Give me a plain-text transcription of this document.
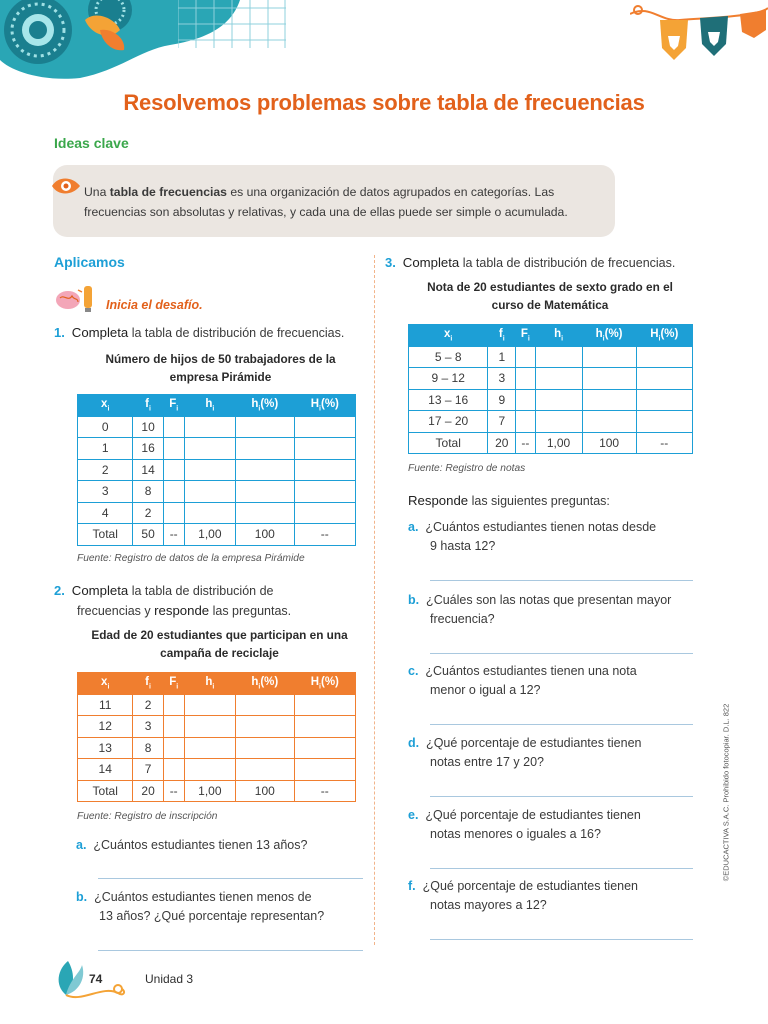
Resolvemos problemas sobre tabla de frecuencias
Ideas clave
Una tabla de frecuencias es una organización de datos agrupados en categorías. Las frecuencias son absolutas y relativas, y cada una de ellas puede ser simple o acumulada.
Aplicamos
Inicia el desafío.
1. Completa la tabla de distribución de frecuencias.
Número de hijos de 50 trabajadores de la
empresa Pirámide
$x_i$	$f_i$	$F_i$	$h_i$	$h_i(\%)$	$H_i(\%)$
0	10				
1	16				
2	14				
3	8				
4	2				
Total	50	--	1,00	100	--
Fuente: Registro de datos de la empresa Pirámide
2. Completa la tabla de distribución de
frecuencias y responde las preguntas.
Edad de 20 estudiantes que participan en una
campaña de reciclaje
$x_i$	$f_i$	$F_i$	$h_i$	$h_i(\%)$	$H_i(\%)$
11	2				
12	3				
13	8				
14	7				
Total	20	--	1,00	100	--
Fuente: Registro de inscripción
a. ¿Cuántos estudiantes tienen 13 años?
b. ¿Cuántos estudiantes tienen menos de
13 años? ¿Qué porcentaje representan?
3. Completa la tabla de distribución de frecuencias.
Nota de 20 estudiantes de sexto grado en el
curso de Matemática
$x_i$	$f_i$	$F_i$	$h_i$	$h_i(\%)$	$H_i(\%)$
5 – 8	1				
9 – 12	3				
13 – 16	9				
17 – 20	7				
Total	20	--	1,00	100	--
Fuente: Registro de notas
Responde las siguientes preguntas:
a.  ¿Cuántos estudiantes tienen notas desde
9 hasta 12?
b.  ¿Cuáles son las notas que presentan mayor
frecuencia?
c.  ¿Cuántos estudiantes tienen una nota
menor o igual a 12?
d.  ¿Qué porcentaje de estudiantes tienen
notas entre 17 y 20?
e.  ¿Qué porcentaje de estudiantes tienen
notas menores o iguales a 16?
f.  ¿Qué porcentaje de estudiantes tienen
notas mayores a 12?
74	Unidad 3
©EDUCACTIVA S.A.C. Prohibido fotocopiar. D.L. 822
